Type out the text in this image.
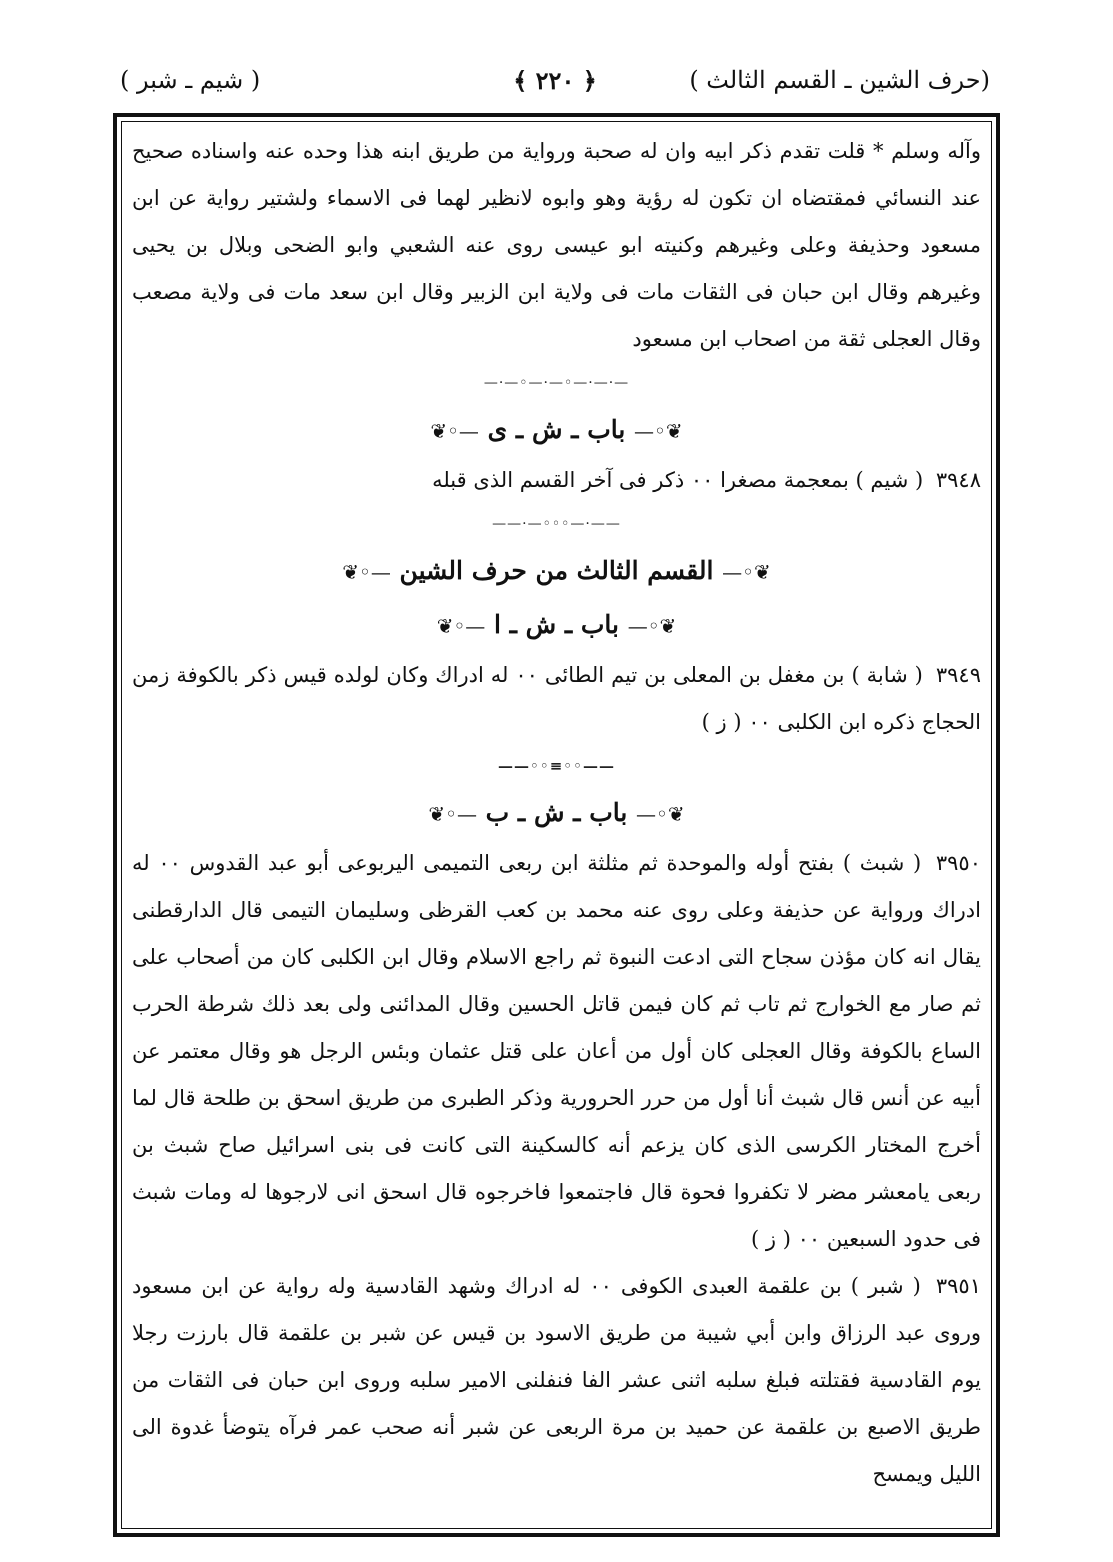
(حرف الشين ـ القسم الثالث )
﴿ ٢٢٠ ﴾
( شيم ـ شبر )

وآله وسلم * قلت تقدم ذكر ابيه وان له صحبة ورواية من طريق ابنه هذا وحده عنه واسناده صحيح عند النسائي فمقتضاه ان تكون له رؤية وهو وابوه لانظير لهما فى الاسماء ولشتير رواية عن ابن مسعود وحذيفة وعلى وغيرهم وكنيته ابو عيسى روى عنه الشعبي وابو الضحى وبلال بن يحيى وغيرهم وقال ابن حبان فى الثقات مات فى ولاية ابن الزبير وقال ابن سعد مات فى ولاية مصعب وقال العجلى ثقة من اصحاب ابن مسعود

—·—·—◦—·—◦—·—
❦◦— باب ـ ش ـ ى —◦❦

٣٩٤٨ ( شيم ) بمعجمة مصغرا ٠٠ ذكر فى آخر القسم الذى قبله

——·—◦◦◦—·——
❦◦— القسم الثالث من حرف الشين —◦❦
❦◦— باب ـ ش ـ ا —◦❦

٣٩٤٩ ( شابة ) بن مغفل بن المعلى بن تيم الطائى ٠٠ له ادراك وكان لولده قيس ذكر بالكوفة زمن الحجاج ذكره ابن الكلبى ٠٠ ( ز )

——◦◦≡◦◦——
❦◦— باب ـ ش ـ ب —◦❦

٣٩٥٠ ( شبث ) بفتح أوله والموحدة ثم مثلثة ابن ربعى التميمى اليربوعى أبو عبد القدوس ٠٠ له ادراك ورواية عن حذيفة وعلى روى عنه محمد بن كعب القرظى وسليمان التيمى قال الدارقطنى يقال انه كان مؤذن سجاح التى ادعت النبوة ثم راجع الاسلام وقال ابن الكلبى كان من أصحاب على ثم صار مع الخوارج ثم تاب ثم كان فيمن قاتل الحسين وقال المدائنى ولى بعد ذلك شرطة الحرب الساع بالكوفة وقال العجلى كان أول من أعان على قتل عثمان وبئس الرجل هو وقال معتمر عن أبيه عن أنس قال شبث أنا أول من حرر الحرورية وذكر الطبرى من طريق اسحق بن طلحة قال لما أخرج المختار الكرسى الذى كان يزعم أنه كالسكينة التى كانت فى بنى اسرائيل صاح شبث بن ربعى يامعشر مضر لا تكفروا فحوة قال فاجتمعوا فاخرجوه قال اسحق انى لارجوها له ومات شبث فى حدود السبعين ٠٠ ( ز )

٣٩٥١ ( شبر ) بن علقمة العبدى الكوفى ٠٠ له ادراك وشهد القادسية وله رواية عن ابن مسعود وروى عبد الرزاق وابن أبي شيبة من طريق الاسود بن قيس عن شبر بن علقمة قال بارزت رجلا يوم القادسية فقتلته فبلغ سلبه اثنى عشر الفا فنفلنى الامير سلبه وروى ابن حبان فى الثقات من طريق الاصبع بن علقمة عن حميد بن مرة الربعى عن شبر أنه صحب عمر فرآه يتوضأ غدوة الى الليل ويمسح
